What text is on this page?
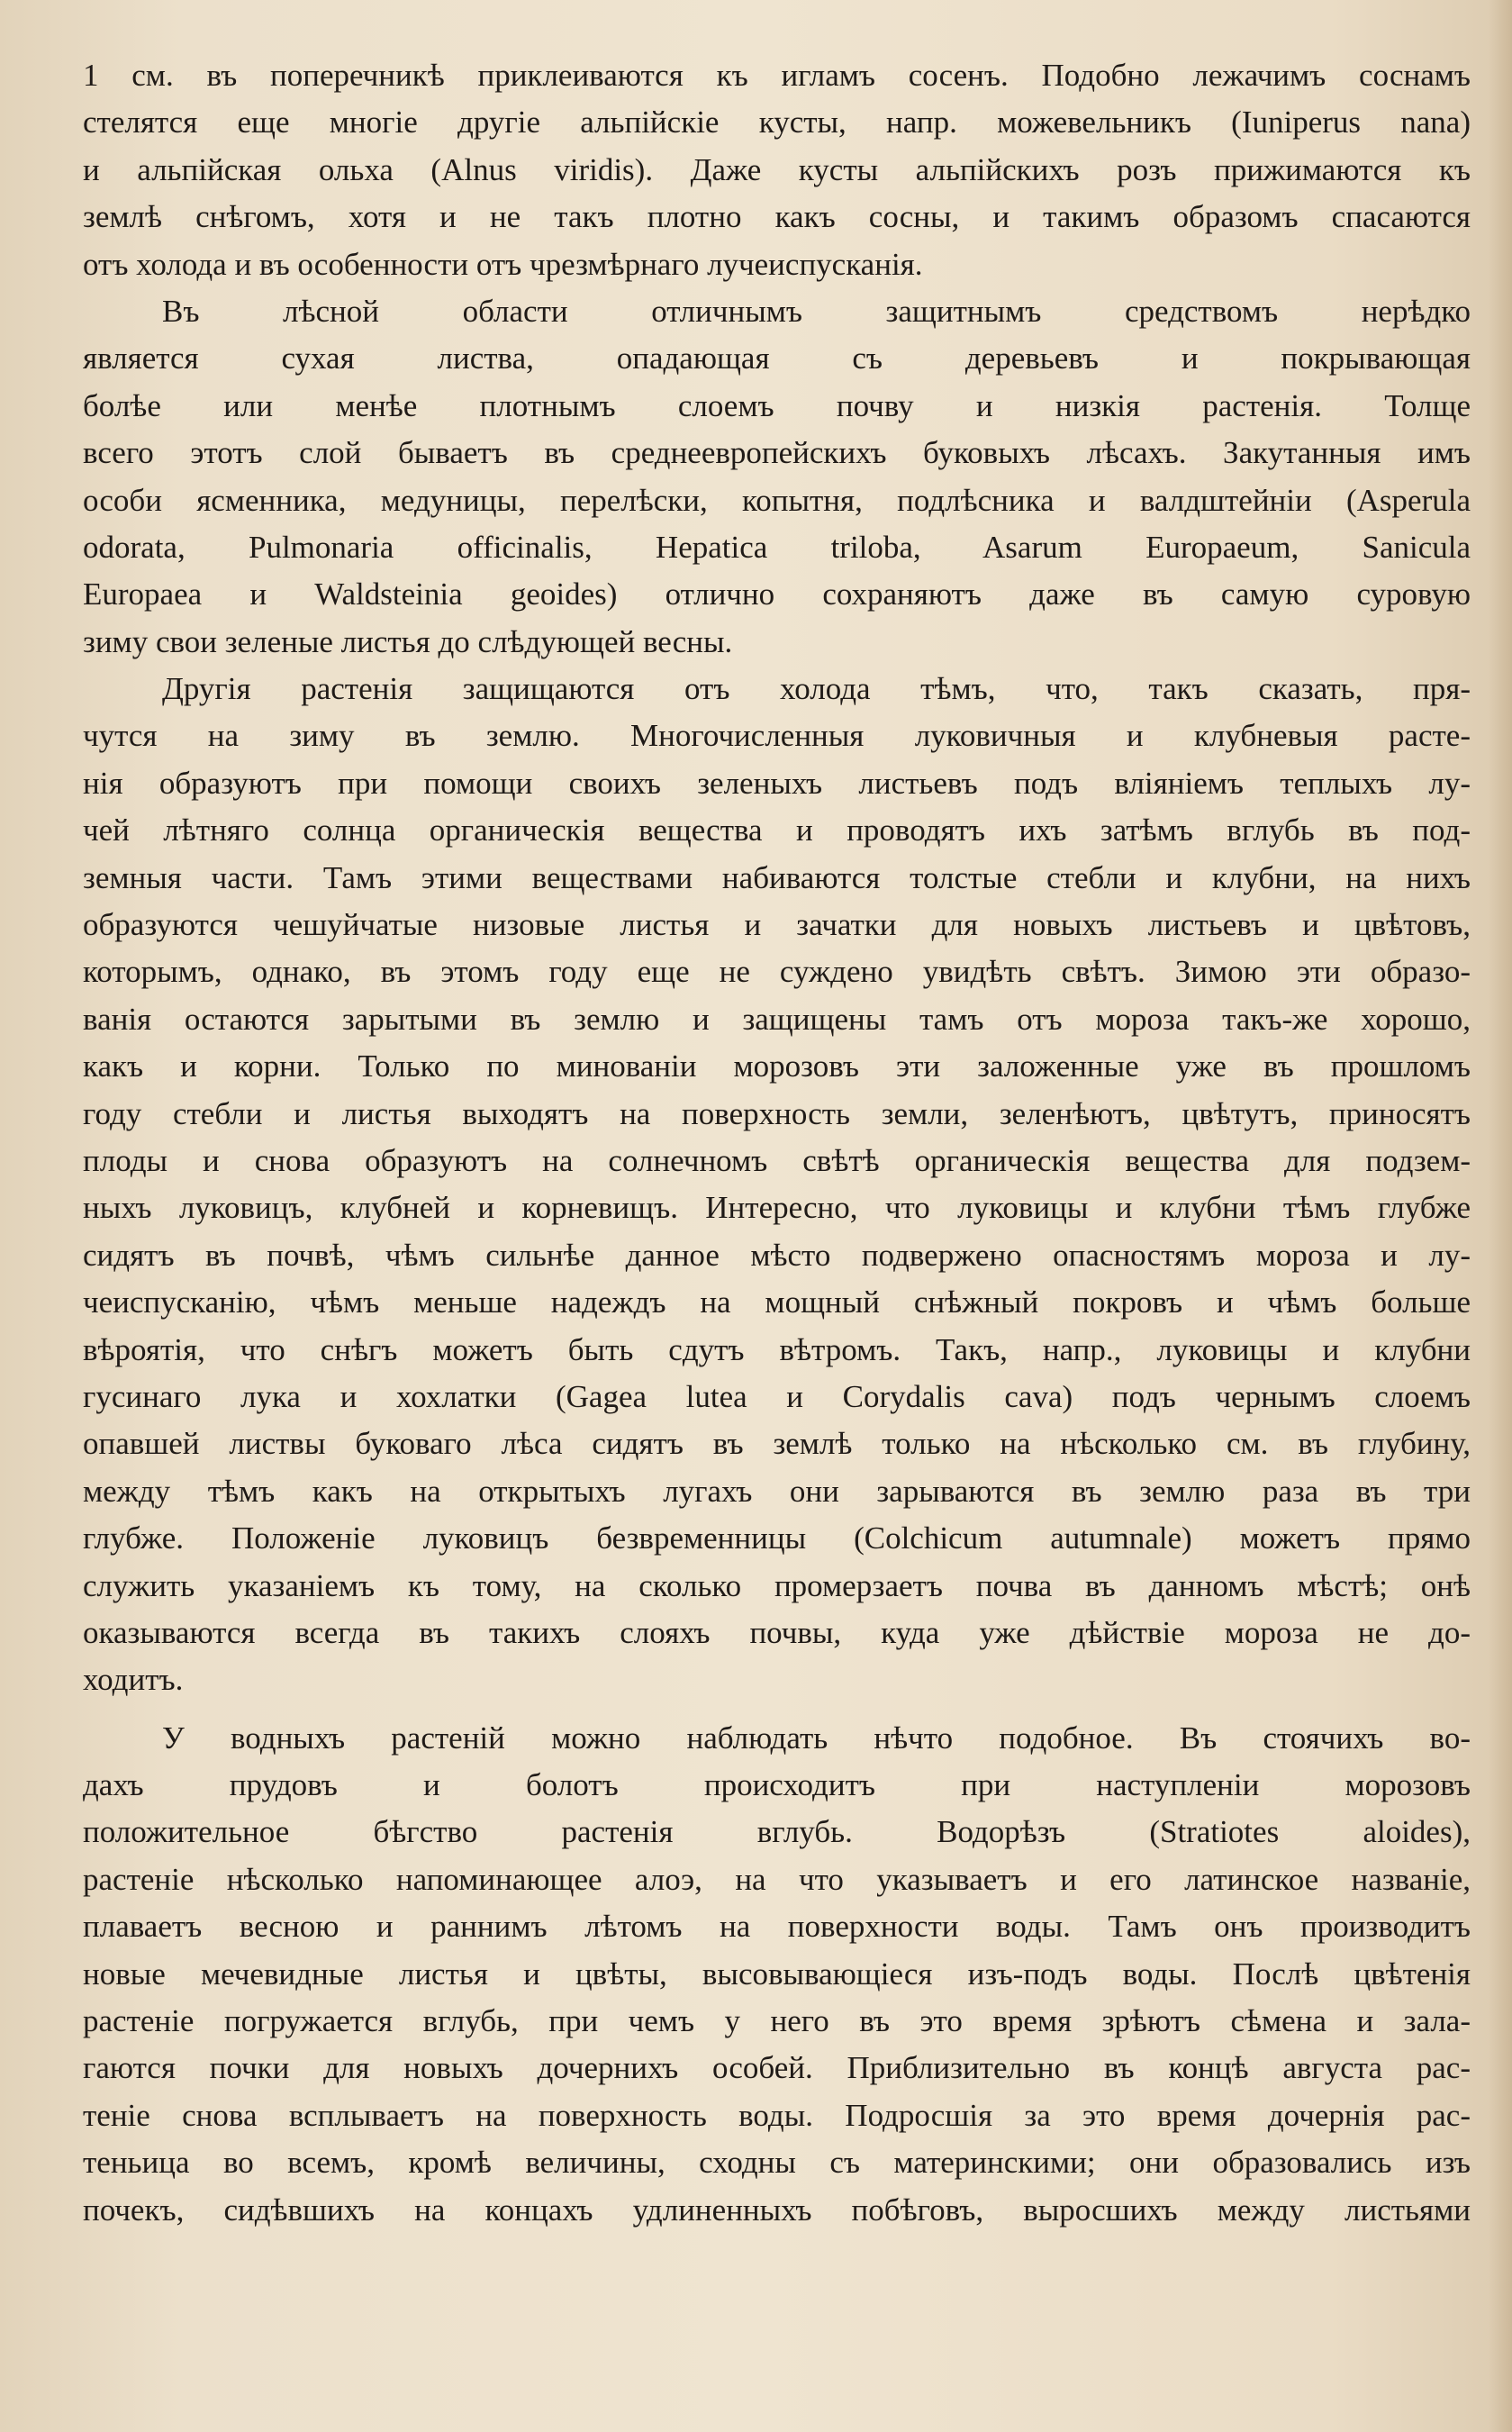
1 см. въ поперечникѣ приклеиваются къ игламъ сосенъ. Подобно лежачимъ соснамъ
стелятся еще многіе другіе альпійскіе кусты, напр. можевельникъ (Iuniperus nana)
и альпійская ольха (Alnus viridis). Даже кусты альпійскихъ розъ прижимаются къ
землѣ снѣгомъ, хотя и не такъ плотно какъ сосны, и такимъ образомъ спасаются
отъ холода и въ особенности отъ чрезмѣрнаго лучеиспусканія.

Въ лѣсной области отличнымъ защитнымъ средствомъ нерѣдко
является сухая листва, опадающая съ деревьевъ и покрывающая
болѣе или менѣе плотнымъ слоемъ почву и низкія растенія. Толще
всего этотъ слой бываетъ въ среднеевропейскихъ буковыхъ лѣсахъ. Закутанныя имъ
особи ясменника, медуницы, перелѣски, копытня, подлѣсника и валдштейніи (Asperula
odorata, Pulmonaria officinalis, Hepatica triloba, Asarum Europaeum, Sanicula
Europaea и Waldsteinia geoides) отлично сохраняютъ даже въ самую суровую
зиму свои зеленые листья до слѣдующей весны.

Другія растенія защищаются отъ холода тѣмъ, что, такъ сказать, пря-
чутся на зиму въ землю. Многочисленныя луковичныя и клубневыя расте-
нія образуютъ при помощи своихъ зеленыхъ листьевъ подъ вліяніемъ теплыхъ лу-
чей лѣтняго солнца органическія вещества и проводятъ ихъ затѣмъ вглубь въ под-
земныя части. Тамъ этими веществами набиваются толстые стебли и клубни, на нихъ
образуются чешуйчатые низовые листья и зачатки для новыхъ листьевъ и цвѣтовъ,
которымъ, однако, въ этомъ году еще не суждено увидѣть свѣтъ. Зимою эти образо-
ванія остаются зарытыми въ землю и защищены тамъ отъ мороза такъ-же хорошо,
какъ и корни. Только по минованіи морозовъ эти заложенные уже въ прошломъ
году стебли и листья выходятъ на поверхность земли, зеленѣютъ, цвѣтутъ, приносятъ
плоды и снова образуютъ на солнечномъ свѣтѣ органическія вещества для подзем-
ныхъ луковицъ, клубней и корневищъ. Интересно, что луковицы и клубни тѣмъ глубже
сидятъ въ почвѣ, чѣмъ сильнѣе данное мѣсто подвержено опасностямъ мороза и лу-
чеиспусканію, чѣмъ меньше надеждъ на мощный снѣжный покровъ и чѣмъ больше
вѣроятія, что снѣгъ можетъ быть сдутъ вѣтромъ. Такъ, напр., луковицы и клубни
гусинаго лука и хохлатки (Gagea lutea и Corydalis cava) подъ чернымъ слоемъ
опавшей листвы буковаго лѣса сидятъ въ землѣ только на нѣсколько см. въ глубину,
между тѣмъ какъ на открытыхъ лугахъ они зарываются въ землю раза въ три
глубже. Положеніе луковицъ безвременницы (Colchicum autumnale) можетъ прямо
служить указаніемъ къ тому, на сколько промерзаетъ почва въ данномъ мѣстѣ; онѣ
оказываются всегда въ такихъ слояхъ почвы, куда уже дѣйствіе мороза не до-
ходитъ.

У водныхъ растеній можно наблюдать нѣчто подобное. Въ стоячихъ во-
дахъ прудовъ и болотъ происходитъ при наступленіи морозовъ
положительное бѣгство растенія вглубь. Водорѣзъ (Stratiotes aloides),
растеніе нѣсколько напоминающее алоэ, на что указываетъ и его латинское названіе,
плаваетъ весною и раннимъ лѣтомъ на поверхности воды. Тамъ онъ производитъ
новые мечевидные листья и цвѣты, высовывающіеся изъ-подъ воды. Послѣ цвѣтенія
растеніе погружается вглубь, при чемъ у него въ это время зрѣютъ сѣмена и зала-
гаются почки для новыхъ дочернихъ особей. Приблизительно въ концѣ августа рас-
теніе снова всплываетъ на поверхность воды. Подросшія за это время дочернія рас-
теньица во всемъ, кромѣ величины, сходны съ материнскими; они образовались изъ
почекъ, сидѣвшихъ на концахъ удлиненныхъ побѣговъ, выросшихъ между листьями
